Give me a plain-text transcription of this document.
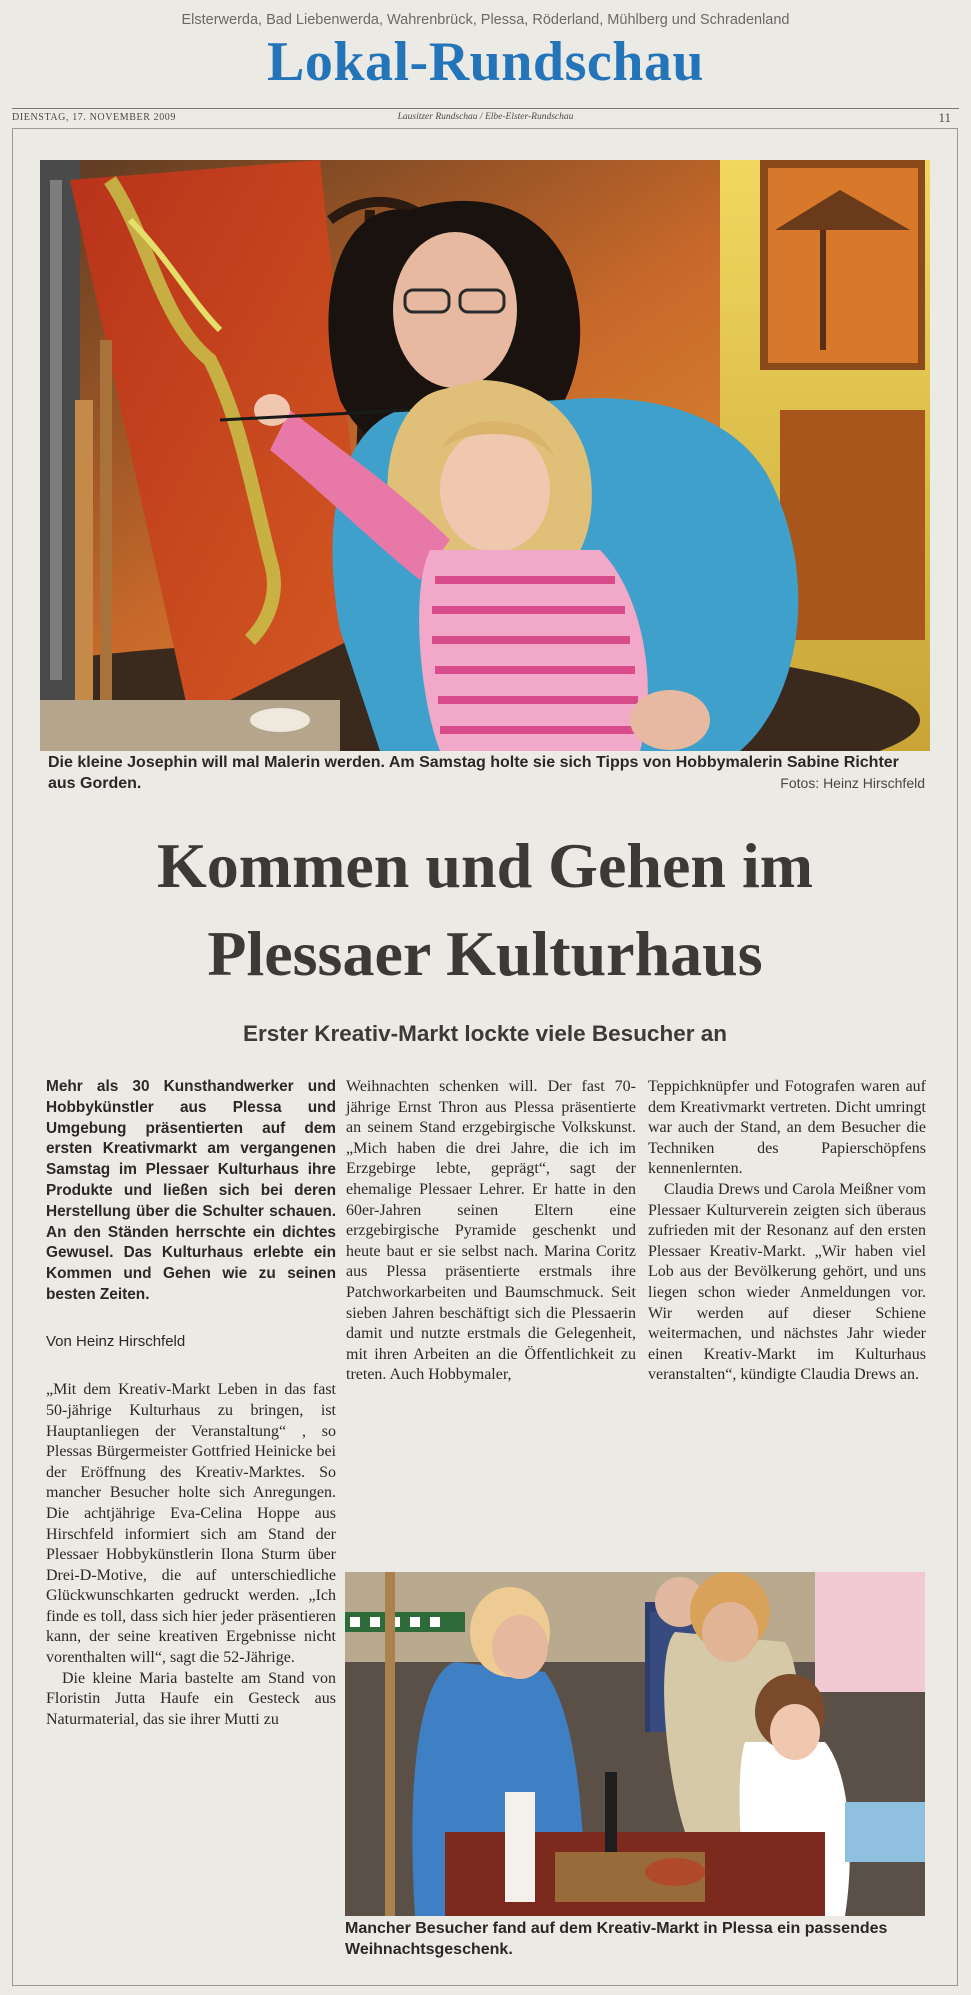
Elsterwerda, Bad Liebenwerda, Wahrenbrück, Plessa, Röderland, Mühlberg und Schradenland
Lokal-Rundschau
DIENSTAG, 17. NOVEMBER 2009	Lausitzer Rundschau / Elbe-Elster-Rundschau	11
Die kleine Josephin will mal Malerin werden. Am Samstag holte sie sich Tipps von Hobbymalerin Sabine Richter aus Gorden.	Fotos: Heinz Hirschfeld
Kommen und Gehen im
Plessaer Kulturhaus
Erster Kreativ-Markt lockte viele Besucher an

Mehr als 30 Kunsthandwerker und Hobbykünstler aus Plessa und Umgebung präsentierten auf dem ersten Kreativmarkt am vergangenen Samstag im Plessaer Kulturhaus ihre Produkte und ließen sich bei deren Herstellung über die Schulter schauen. An den Ständen herrschte ein dichtes Gewusel. Das Kulturhaus erlebte ein Kommen und Gehen wie zu seinen besten Zeiten.

Von Heinz Hirschfeld

„Mit dem Kreativ-Markt Leben in das fast 50-jährige Kulturhaus zu bringen, ist Hauptanliegen der Veranstaltung“ , so Plessas Bürgermeister Gottfried Heinicke bei der Eröffnung des Kreativ-Marktes. So mancher Besucher holte sich Anregungen. Die achtjährige Eva-Celina Hoppe aus Hirschfeld informiert sich am Stand der Plessaer Hobbykünstlerin Ilona Sturm über Drei-D-Motive, die auf unterschiedliche Glückwunschkarten gedruckt werden. „Ich finde es toll, dass sich hier jeder präsentieren kann, der seine kreativen Ergebnisse nicht vorenthalten will“, sagt die 52-Jährige.

Die kleine Maria bastelte am Stand von Floristin Jutta Haufe ein Gesteck aus Naturmaterial, das sie ihrer Mutti zu

Weihnachten schenken will. Der fast 70-jährige Ernst Thron aus Plessa präsentierte an seinem Stand erzgebirgische Volkskunst. „Mich haben die drei Jahre, die ich im Erzgebirge lebte, geprägt“, sagt der ehemalige Plessaer Lehrer. Er hatte in den 60er-Jahren seinen Eltern eine erzgebirgische Pyramide geschenkt und heute baut er sie selbst nach. Marina Coritz aus Plessa präsentierte erstmals ihre Patchworkarbeiten und Baumschmuck. Seit sieben Jahren beschäftigt sich die Plessaerin damit und nutzte erstmals die Gelegenheit, mit ihren Arbeiten an die Öffentlichkeit zu treten. Auch Hobbymaler,

Teppichknüpfer und Fotografen waren auf dem Kreativmarkt vertreten. Dicht umringt war auch der Stand, an dem Besucher die Techniken des Papierschöpfens kennenlernten.

Claudia Drews und Carola Meißner vom Plessaer Kulturverein zeigten sich überaus zufrieden mit der Resonanz auf den ersten Plessaer Kreativ-Markt. „Wir haben viel Lob aus der Bevölkerung gehört, und uns liegen schon wieder Anmeldungen vor. Wir werden auf dieser Schiene weitermachen, und nächstes Jahr wieder einen Kreativ-Markt im Kulturhaus veranstalten“, kündigte Claudia Drews an.

Mancher Besucher fand auf dem Kreativ-Markt in Plessa ein passendes Weihnachtsgeschenk.
